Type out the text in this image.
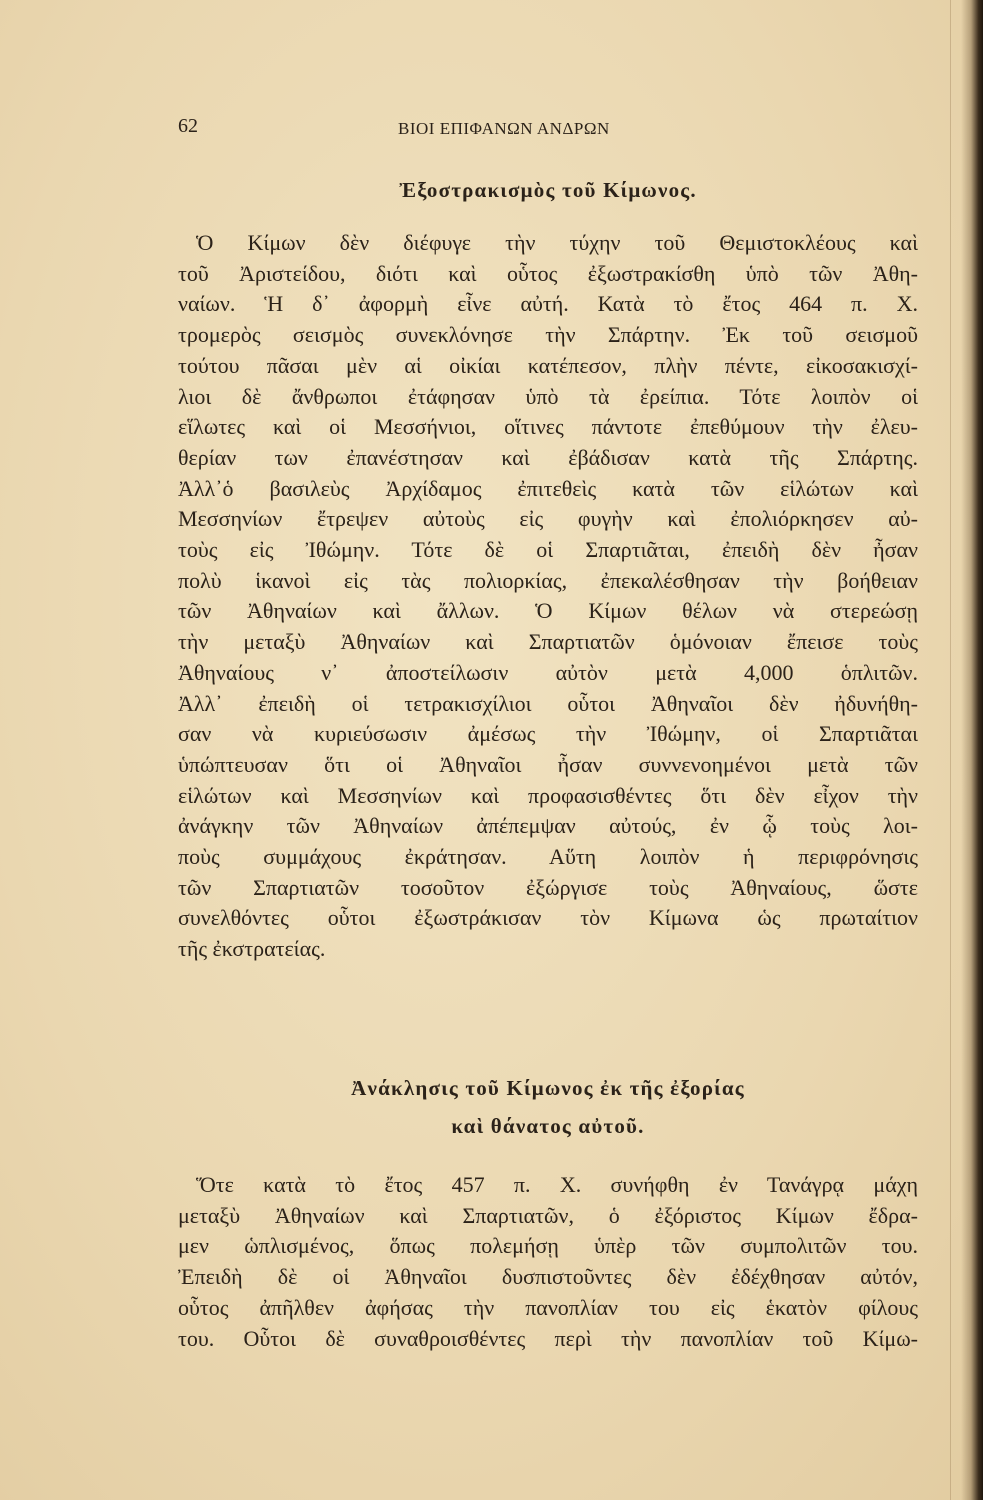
62	ΒΙΟΙ ΕΠΙΦΑΝΩΝ ΑΝΔΡΩΝ
Ἐξοστρακισμὸς τοῦ Κίμωνος.
Ὁ Κίμων δὲν διέφυγε τὴν τύχην τοῦ Θεμιστοκλέους καὶ
τοῦ Ἀριστείδου, διότι καὶ οὗτος ἐξωστρακίσθη ὑπὸ τῶν Ἀθη-
ναίων. Ἡ δ᾽ ἀφορμὴ εἶνε αὐτή. Κατὰ τὸ ἔτος 464 π. Χ.
τρομερὸς σεισμὸς συνεκλόνησε τὴν Σπάρτην. Ἐκ τοῦ σεισμοῦ
τούτου πᾶσαι μὲν αἱ οἰκίαι κατέπεσον, πλὴν πέντε, εἰκοσακισχί-
λιοι δὲ ἄνθρωποι ἐτάφησαν ὑπὸ τὰ ἐρείπια. Τότε λοιπὸν οἱ
εἵλωτες καὶ οἱ Μεσσήνιοι, οἵτινες πάντοτε ἐπεθύμουν τὴν ἐλευ-
θερίαν των ἐπανέστησαν καὶ ἐβάδισαν κατὰ τῆς Σπάρτης.
Ἀλλ᾽ὁ βασιλεὺς Ἀρχίδαμος ἐπιτεθεὶς κατὰ τῶν εἱλώτων καὶ
Μεσσηνίων ἔτρεψεν αὐτοὺς εἰς φυγὴν καὶ ἐπολιόρκησεν αὐ-
τοὺς εἰς Ἰθώμην. Τότε δὲ οἱ Σπαρτιᾶται, ἐπειδὴ δὲν ἦσαν
πολὺ ἱκανοὶ εἰς τὰς πολιορκίας, ἐπεκαλέσθησαν τὴν βοήθειαν
τῶν Ἀθηναίων καὶ ἄλλων. Ὁ Κίμων θέλων νὰ στερεώσῃ
τὴν μεταξὺ Ἀθηναίων καὶ Σπαρτιατῶν ὁμόνοιαν ἔπεισε τοὺς
Ἀθηναίους ν᾽ ἀποστείλωσιν αὐτὸν μετὰ 4,000 ὁπλιτῶν.
Ἀλλ᾽ ἐπειδὴ οἱ τετρακισχίλιοι οὗτοι Ἀθηναῖοι δὲν ἠδυνήθη-
σαν νὰ κυριεύσωσιν ἀμέσως τὴν Ἰθώμην, οἱ Σπαρτιᾶται
ὑπώπτευσαν ὅτι οἱ Ἀθηναῖοι ἦσαν συννενοημένοι μετὰ τῶν
εἱλώτων καὶ Μεσσηνίων καὶ προφασισθέντες ὅτι δὲν εἶχον τὴν
ἀνάγκην τῶν Ἀθηναίων ἀπέπεμψαν αὐτούς, ἐν ᾧ τοὺς λοι-
ποὺς συμμάχους ἐκράτησαν. Αὕτη λοιπὸν ἡ περιφρόνησις
τῶν Σπαρτιατῶν τοσοῦτον ἐξώργισε τοὺς Ἀθηναίους, ὥστε
συνελθόντες οὗτοι ἐξωστράκισαν τὸν Κίμωνα ὡς πρωταίτιον
τῆς ἐκστρατείας.
Ἀνάκλησις τοῦ Κίμωνος ἐκ τῆς ἐξορίας
καὶ θάνατος αὐτοῦ.
Ὅτε κατὰ τὸ ἔτος 457 π. Χ. συνήφθη ἐν Τανάγρᾳ μάχη
μεταξὺ Ἀθηναίων καὶ Σπαρτιατῶν, ὁ ἐξόριστος Κίμων ἔδρα-
μεν ὡπλισμένος, ὅπως πολεμήσῃ ὑπὲρ τῶν συμπολιτῶν του.
Ἐπειδὴ δὲ οἱ Ἀθηναῖοι δυσπιστοῦντες δὲν ἐδέχθησαν αὐτόν,
οὗτος ἀπῆλθεν ἀφήσας τὴν πανοπλίαν του εἰς ἑκατὸν φίλους
του. Οὗτοι δὲ συναθροισθέντες περὶ τὴν πανοπλίαν τοῦ Κίμω-
